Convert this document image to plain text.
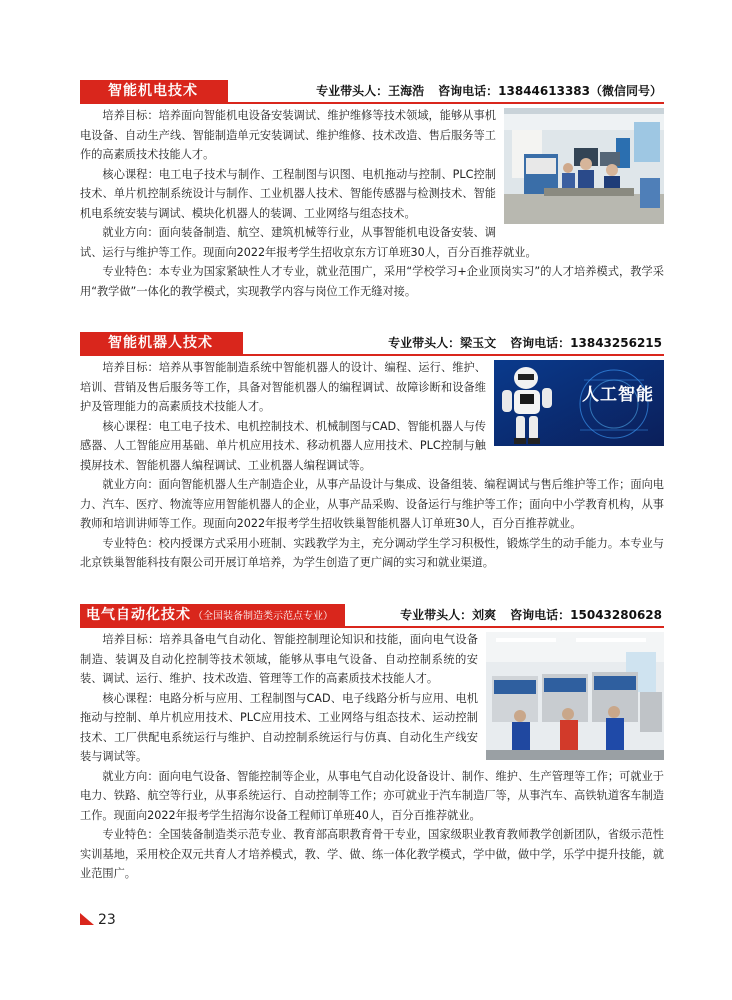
智能机电技术	专业带头人：王海浩 咨询电话：13844613383（微信同号）

培养目标：培养面向智能机电设备安装调试、维护维修等技术领域，能够从事机电设备、自动生产线、智能制造单元安装调试、维护维修、技术改造、售后服务等工作的高素质技术技能人才。

核心课程：电工电子技术与制作、工程制图与识图、电机拖动与控制、PLC控制技术、单片机控制系统设计与制作、工业机器人技术、智能传感器与检测技术、智能机电系统安装与调试、模块化机器人的装调、工业网络与组态技术。

就业方向：面向装备制造、航空、建筑机械等行业，从事智能机电设备安装、调试、运行与维护等工作。现面向2022年报考学生招收京东方订单班30人，百分百推荐就业。

专业特色：本专业为国家紧缺性人才专业，就业范围广，采用“学校学习+企业顶岗实习”的人才培养模式，教学采用“教学做”一体化的教学模式，实现教学内容与岗位工作无缝对接。

智能机器人技术	专业带头人：梁玉文 咨询电话：13843256215
人工智能

培养目标：培养从事智能制造系统中智能机器人的设计、编程、运行、维护、培训、营销及售后服务等工作，具备对智能机器人的编程调试、故障诊断和设备维护及管理能力的高素质技术技能人才。

核心课程：电工电子技术、电机控制技术、机械制图与CAD、智能机器人与传感器、人工智能应用基础、单片机应用技术、移动机器人应用技术、PLC控制与触摸屏技术、智能机器人编程调试、工业机器人编程调试等。

就业方向：面向智能机器人生产制造企业，从事产品设计与集成、设备组装、编程调试与售后维护等工作；面向电力、汽车、医疗、物流等应用智能机器人的企业，从事产品采购、设备运行与维护等工作；面向中小学教育机构，从事教师和培训讲师等工作。现面向2022年报考学生招收铁巢智能机器人订单班30人，百分百推荐就业。

专业特色：校内授课方式采用小班制、实践教学为主，充分调动学生学习积极性，锻炼学生的动手能力。本专业与北京铁巢智能科技有限公司开展订单培养，为学生创造了更广阔的实习和就业渠道。

电气自动化技术 （全国装备制造类示范点专业）	专业带头人：刘爽 咨询电话：15043280628

培养目标：培养具备电气自动化、智能控制理论知识和技能，面向电气设备制造、装调及自动化控制等技术领域，能够从事电气设备、自动控制系统的安装、调试、运行、维护、技术改造、管理等工作的高素质技术技能人才。

核心课程：电路分析与应用、工程制图与CAD、电子线路分析与应用、电机拖动与控制、单片机应用技术、PLC应用技术、工业网络与组态技术、运动控制技术、工厂供配电系统运行与维护、自动控制系统运行与仿真、自动化生产线安装与调试等。

就业方向：面向电气设备、智能控制等企业，从事电气自动化设备设计、制作、维护、生产管理等工作；可就业于电力、铁路、航空等行业，从事系统运行、自动控制等工作；亦可就业于汽车制造厂等，从事汽车、高铁轨道客车制造工作。现面向2022年报考学生招海尔设备工程师订单班40人，百分百推荐就业。

专业特色：全国装备制造类示范专业、教育部高职教育骨干专业，国家级职业教育教师教学创新团队，省级示范性实训基地，采用校企双元共育人才培养模式，教、学、做、练一体化教学模式，学中做，做中学，乐学中提升技能，就业范围广。

23
